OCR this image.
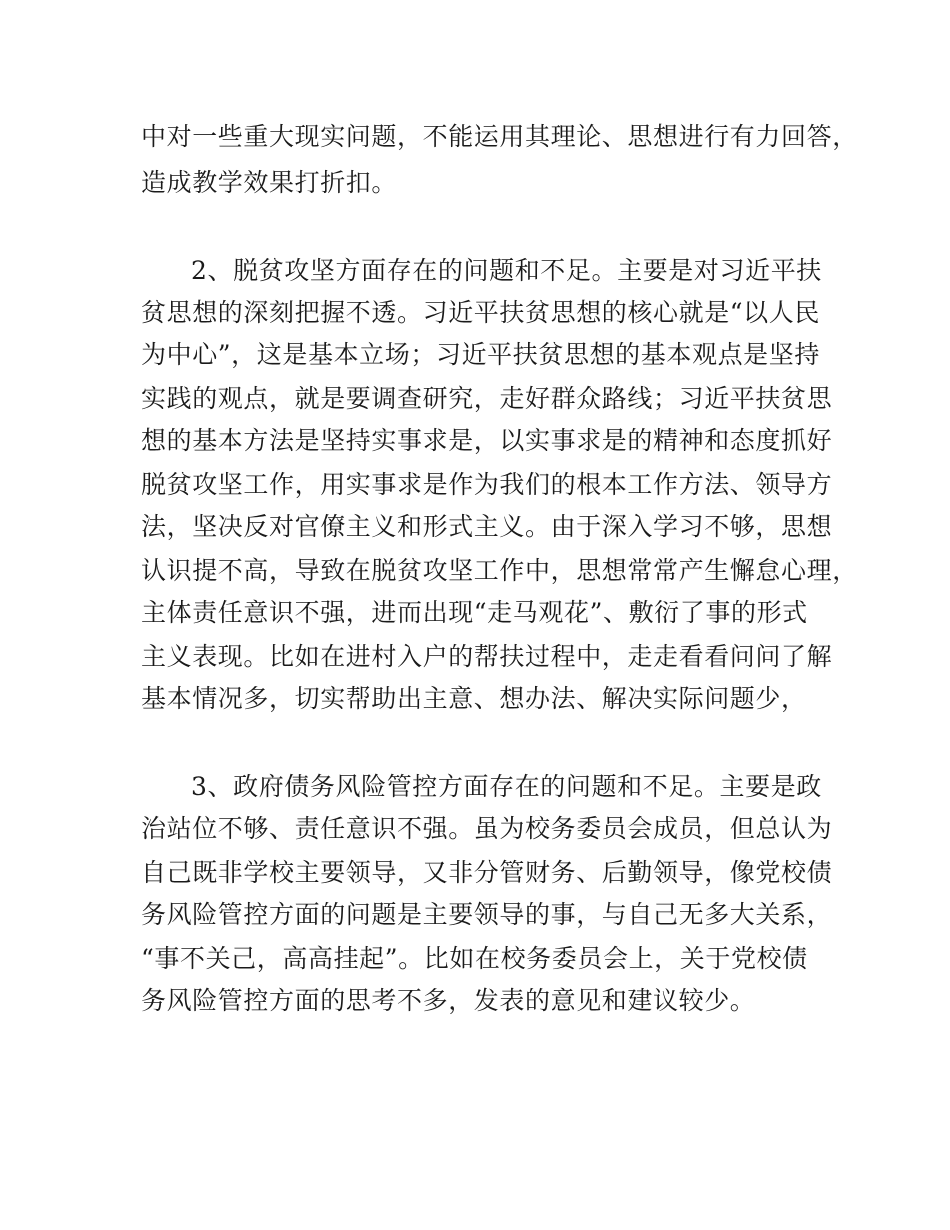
中对一些重大现实问题，不能运用其理论、思想进行有力回答，
造成教学效果打折扣。
2、脱贫攻坚方面存在的问题和不足。主要是对习近平扶
贫思想的深刻把握不透。习近平扶贫思想的核心就是“以人民
为中心”，这是基本立场；习近平扶贫思想的基本观点是坚持
实践的观点，就是要调查研究，走好群众路线；习近平扶贫思
想的基本方法是坚持实事求是，以实事求是的精神和态度抓好
脱贫攻坚工作，用实事求是作为我们的根本工作方法、领导方
法，坚决反对官僚主义和形式主义。由于深入学习不够，思想
认识提不高，导致在脱贫攻坚工作中，思想常常产生懈怠心理，
主体责任意识不强，进而出现“走马观花”、敷衍了事的形式
主义表现。比如在进村入户的帮扶过程中，走走看看问问了解
基本情况多，切实帮助出主意、想办法、解决实际问题少，
3、政府债务风险管控方面存在的问题和不足。主要是政
治站位不够、责任意识不强。虽为校务委员会成员，但总认为
自己既非学校主要领导，又非分管财务、后勤领导，像党校债
务风险管控方面的问题是主要领导的事，与自己无多大关系，
“事不关己，高高挂起”。比如在校务委员会上，关于党校债
务风险管控方面的思考不多，发表的意见和建议较少。
